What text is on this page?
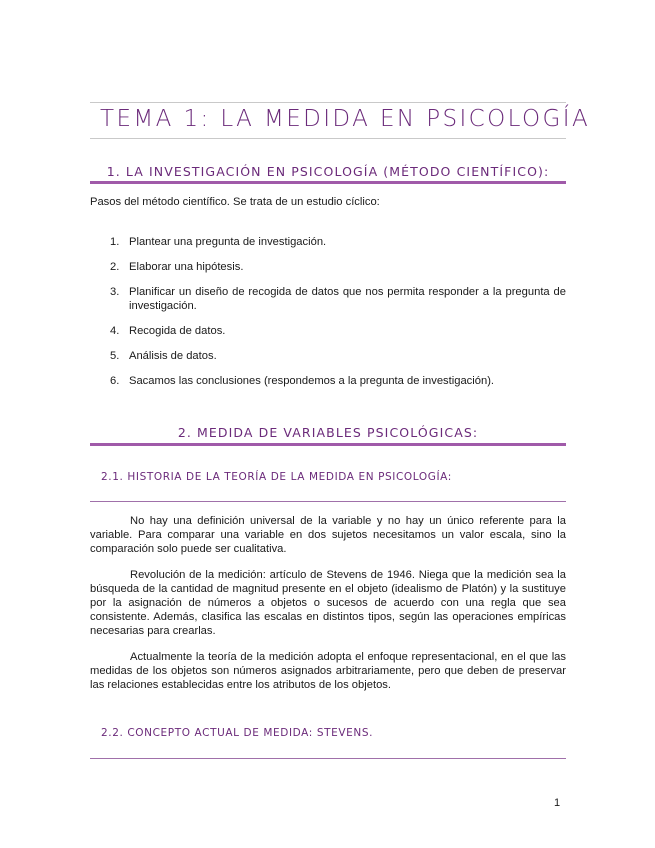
TEMA 1: LA MEDIDA EN PSICOLOGÍA
1. LA INVESTIGACIÓN EN PSICOLOGÍA (MÉTODO CIENTÍFICO):
Pasos del método científico. Se trata de un estudio cíclico:
1. Plantear una pregunta de investigación.
2. Elaborar una hipótesis.
3. Planificar un diseño de recogida de datos que nos permita responder a la pregunta de investigación.
4. Recogida de datos.
5. Análisis de datos.
6. Sacamos las conclusiones (respondemos a la pregunta de investigación).
2. MEDIDA DE VARIABLES PSICOLÓGICAS:
2.1. HISTORIA DE LA TEORÍA DE LA MEDIDA EN PSICOLOGÍA:
No hay una definición universal de la variable y no hay un único referente para la variable. Para comparar una variable en dos sujetos necesitamos un valor escala, sino la comparación solo puede ser cualitativa.
Revolución de la medición: artículo de Stevens de 1946. Niega que la medición sea la búsqueda de la cantidad de magnitud presente en el objeto (idealismo de Platón) y la sustituye por la asignación de números a objetos o sucesos de acuerdo con una regla que sea consistente. Además, clasifica las escalas en distintos tipos, según las operaciones empíricas necesarias para crearlas.
Actualmente la teoría de la medición adopta el enfoque representacional, en el que las medidas de los objetos son números asignados arbitrariamente, pero que deben de preservar las relaciones establecidas entre los atributos de los objetos.
2.2. CONCEPTO ACTUAL DE MEDIDA: STEVENS.
1
